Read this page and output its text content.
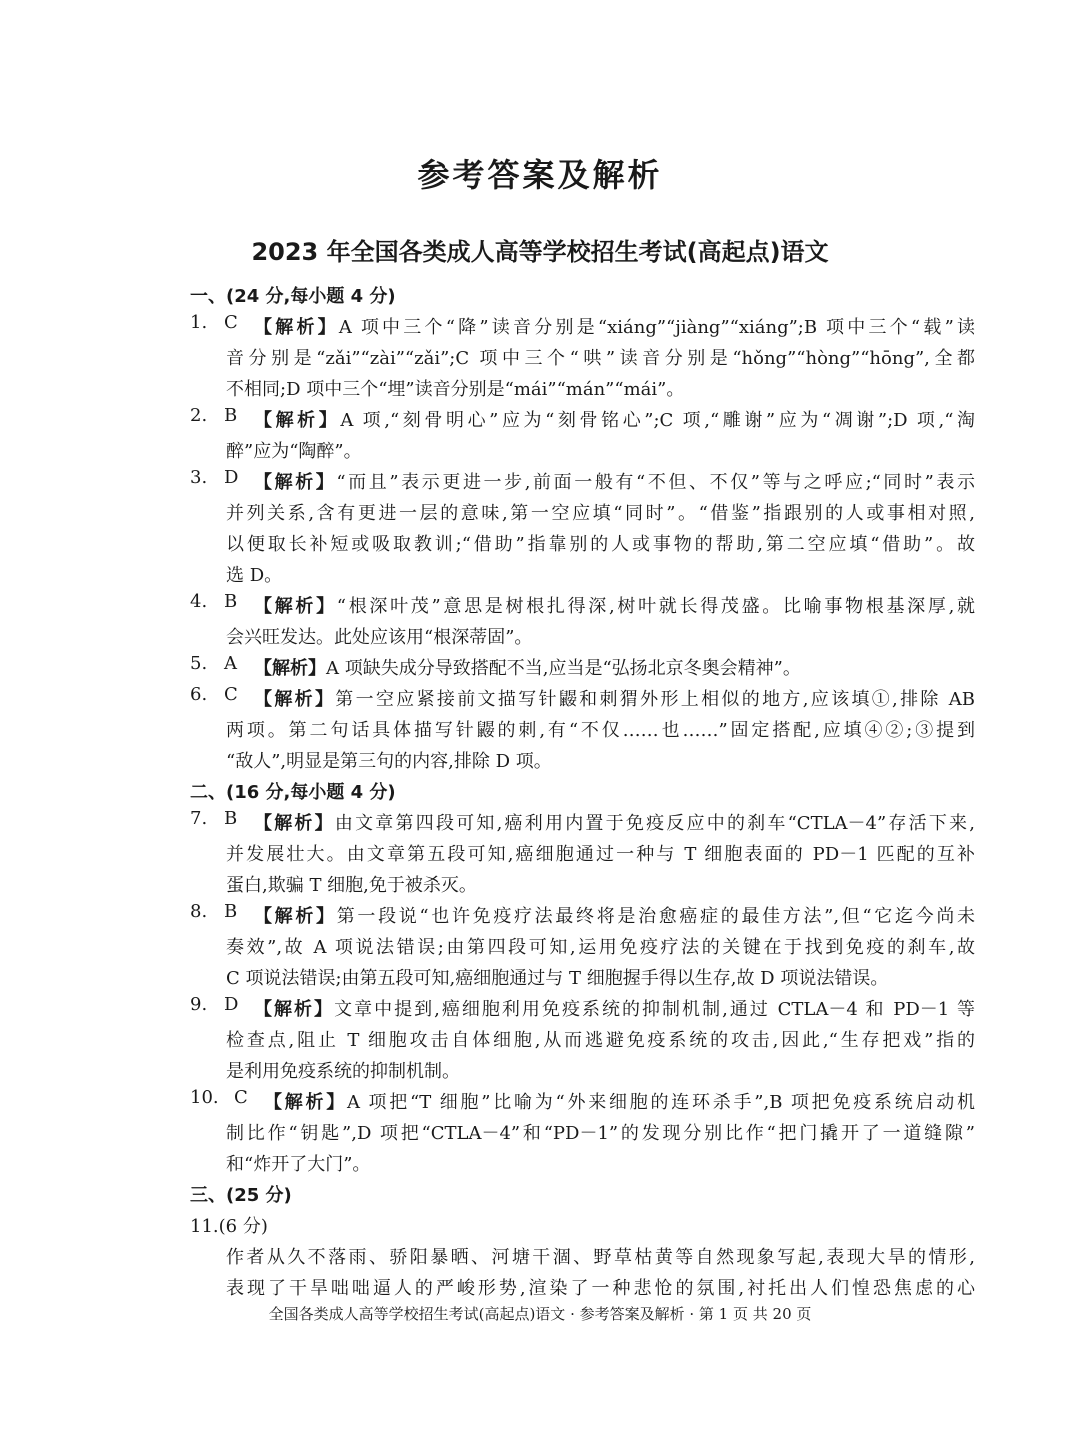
参考答案及解析
2023 年全国各类成人高等学校招生考试(高起点)语文
一、(24 分,每小题 4 分)
1. C 【解析】A 项中三个“降”读音分别是“xiáng”“jiàng”“xiáng”;B 项中三个“载”读
音分别是“zǎi”“zài”“zǎi”;C 项中三个“哄”读音分别是“hǒng”“hòng”“hōng”,全都
不相同;D 项中三个“埋”读音分别是“mái”“mán”“mái”。
2. B 【解析】A 项,“刻骨明心”应为“刻骨铭心”;C 项,“雕谢”应为“凋谢”;D 项,“淘
醉”应为“陶醉”。
3. D 【解析】“而且”表示更进一步,前面一般有“不但、不仅”等与之呼应;“同时”表示
并列关系,含有更进一层的意味,第一空应填“同时”。“借鉴”指跟别的人或事相对照,
以便取长补短或吸取教训;“借助”指靠别的人或事物的帮助,第二空应填“借助”。故
选 D。
4. B 【解析】“根深叶茂”意思是树根扎得深,树叶就长得茂盛。比喻事物根基深厚,就
会兴旺发达。此处应该用“根深蒂固”。
5. A 【解析】A 项缺失成分导致搭配不当,应当是“弘扬北京冬奥会精神”。
6. C 【解析】第一空应紧接前文描写针鼹和刺猬外形上相似的地方,应该填①,排除 AB
两项。第二句话具体描写针鼹的刺,有“不仅……也……”固定搭配,应填④②;③提到
“敌人”,明显是第三句的内容,排除 D 项。
二、(16 分,每小题 4 分)
7. B 【解析】由文章第四段可知,癌利用内置于免疫反应中的刹车“CTLA－4”存活下来,
并发展壮大。由文章第五段可知,癌细胞通过一种与 T 细胞表面的 PD－1 匹配的互补
蛋白,欺骗 T 细胞,免于被杀灭。
8. B 【解析】第一段说“也许免疫疗法最终将是治愈癌症的最佳方法”,但“它迄今尚未
奏效”,故 A 项说法错误;由第四段可知,运用免疫疗法的关键在于找到免疫的刹车,故
C 项说法错误;由第五段可知,癌细胞通过与 T 细胞握手得以生存,故 D 项说法错误。
9. D 【解析】文章中提到,癌细胞利用免疫系统的抑制机制,通过 CTLA－4 和 PD－1 等
检查点,阻止 T 细胞攻击自体细胞,从而逃避免疫系统的攻击,因此,“生存把戏”指的
是利用免疫系统的抑制机制。
10. C 【解析】A 项把“T 细胞”比喻为“外来细胞的连环杀手”,B 项把免疫系统启动机
制比作“钥匙”,D 项把“CTLA－4”和“PD－1”的发现分别比作“把门撬开了一道缝隙”
和“炸开了大门”。
三、(25 分)
11.(6 分)
作者从久不落雨、骄阳暴晒、河塘干涸、野草枯黄等自然现象写起,表现大旱的情形,
表现了干旱咄咄逼人的严峻形势,渲染了一种悲怆的氛围,衬托出人们惶恐焦虑的心
全国各类成人高等学校招生考试(高起点)语文 · 参考答案及解析 · 第 1 页 共 20 页
